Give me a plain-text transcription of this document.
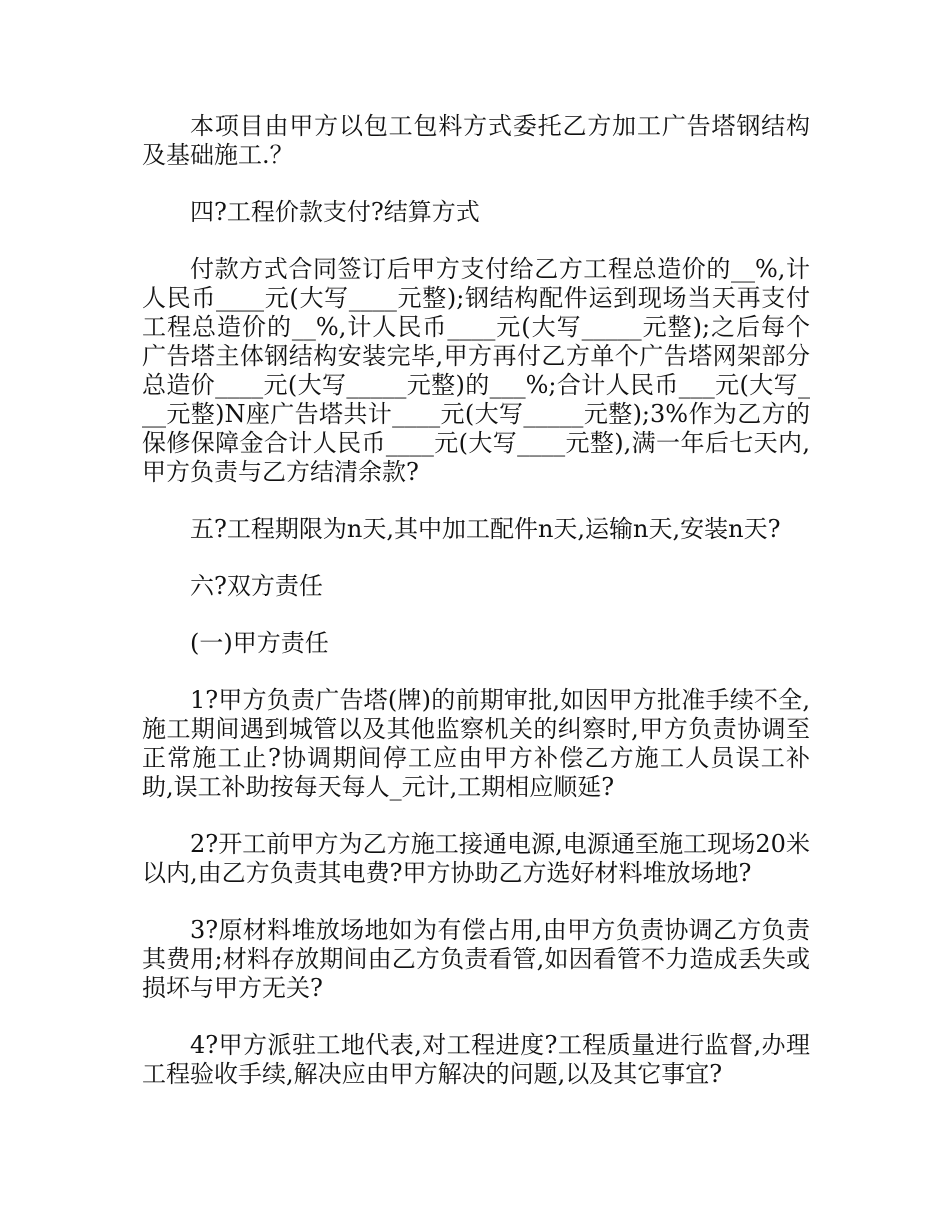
本项目由甲方以包工包料方式委托乙方加工广告塔钢结构及基础施工.？

四?工程价款支付?结算方式

付款方式合同签订后甲方支付给乙方工程总造价的__%,计人民币____元(大写____元整);钢结构配件运到现场当天再支付工程总造价的__%,计人民币____元(大写_____元整);之后每个广告塔主体钢结构安装完毕,甲方再付乙方单个广告塔网架部分总造价____元(大写_____元整)的___%;合计人民币___元(大写___元整)N座广告塔共计____元(大写_____元整);3%作为乙方的保修保障金合计人民币____元(大写____元整),满一年后七天内,甲方负责与乙方结清余款?

五?工程期限为n天,其中加工配件n天,运输n天,安装n天?

六?双方责任

(一)甲方责任

1?甲方负责广告塔(牌)的前期审批,如因甲方批准手续不全,施工期间遇到城管以及其他监察机关的纠察时,甲方负责协调至正常施工止?协调期间停工应由甲方补偿乙方施工人员误工补助,误工补助按每天每人_元计,工期相应顺延?

2?开工前甲方为乙方施工接通电源,电源通至施工现场20米以内,由乙方负责其电费?甲方协助乙方选好材料堆放场地?

3?原材料堆放场地如为有偿占用,由甲方负责协调乙方负责其费用;材料存放期间由乙方负责看管,如因看管不力造成丢失或损坏与甲方无关?

4?甲方派驻工地代表,对工程进度?工程质量进行监督,办理工程验收手续,解决应由甲方解决的问题,以及其它事宜?
